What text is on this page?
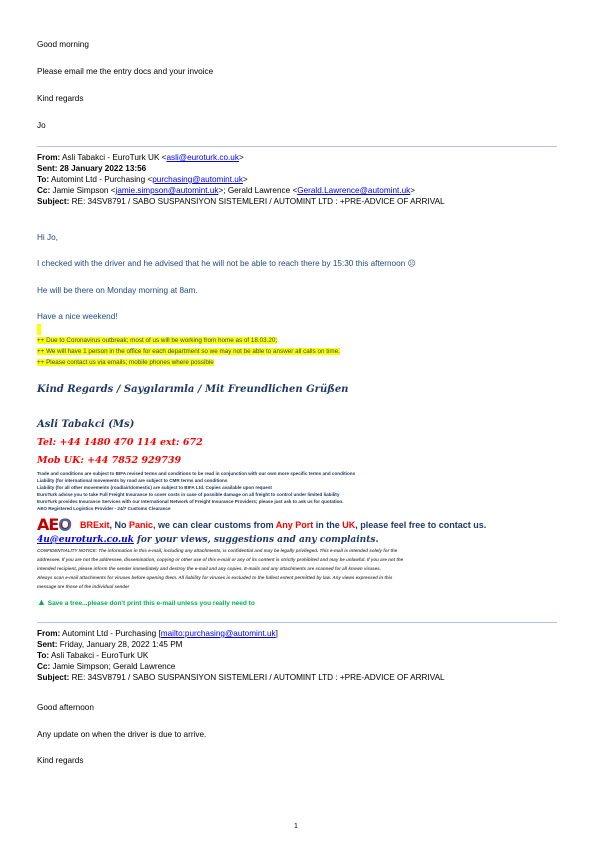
Good morning
Please email me the entry docs and your invoice
Kind regards
Jo
From: Asli Tabakci - EuroTurk UK <asli@euroturk.co.uk>
Sent: 28 January 2022 13:56
To: Automint Ltd - Purchasing <purchasing@automint.uk>
Cc: Jamie Simpson <jamie.simpson@automint.uk>; Gerald Lawrence <Gerald.Lawrence@automint.uk>
Subject: RE: 34SV8791 / SABO SUSPANSIYON SISTEMLERI / AUTOMINT LTD : +PRE-ADVICE OF ARRIVAL
Hi Jo,
I checked with the driver and he advised that he will not be able to reach there by 15:30 this afternoon ☹
He will be there on Monday morning at 8am.
Have a nice weekend!
++ Due to Coronavirus outbreak; most of us will be working from home as of 18.03.20;
++ We will have 1 person in the office for each department so we may not be able to answer all calls on time.
++ Please contact us via emails; mobile phones where possible
Kind Regards / Saygılarımla / Mit Freundlichen Grüßen
Asli Tabakci (Ms)
Tel: +44 1480 470 114 ext: 672
Mob UK: +44 7852 929739
Trade and conditions are subject to BIFA revised terms and conditions to be read in conjunction with our own more specific terms and conditions
Liability (for international movements by road are subject to CMR terms and conditions
Liability (for all other movements (road/air/domestic) are subject to BIFA Ltd. Copies available upon request
EuroTurk advise you to take Full Freight Insurance to cover costs in case of possible damage on all freight to control under limited liability
EuroTurk provides Insurance Services with our International Network of Freight Insurance Providers; please just ask to ask us for quotation.
AEO Registered Logistics Provider - 24/7 Customs Clearance
AEO BRExit, No Panic, we can clear customs from Any Port in the UK, please feel free to contact us.
4u@euroturk.co.uk for your views, suggestions and any complaints.
CONFIDENTIALITY NOTICE: The information in this e-mail, including any attachments, is confidential and may be legally privileged. This e-mail is intended solely for the
addressee. If you are not the addressee, dissemination, copying or other use of this e-mail or any of its content is strictly prohibited and may be unlawful. If you are not the
intended recipient, please inform the sender immediately and destroy the e-mail and any copies. E-mails and any attachments are scanned for all known viruses.
Always scan e-mail attachments for viruses before opening them. All liability for viruses is excluded to the fullest extent permitted by law. Any views expressed in this
message are those of the individual sender
▲ Save a tree...please don't print this e-mail unless you really need to
From: Automint Ltd - Purchasing [mailto:purchasing@automint.uk]
Sent: Friday, January 28, 2022 1:45 PM
To: Asli Tabakci - EuroTurk UK
Cc: Jamie Simpson; Gerald Lawrence
Subject: RE: 34SV8791 / SABO SUSPANSIYON SISTEMLERI / AUTOMINT LTD : +PRE-ADVICE OF ARRIVAL
Good afternoon
Any update on when the driver is due to arrive.
Kind regards
1
